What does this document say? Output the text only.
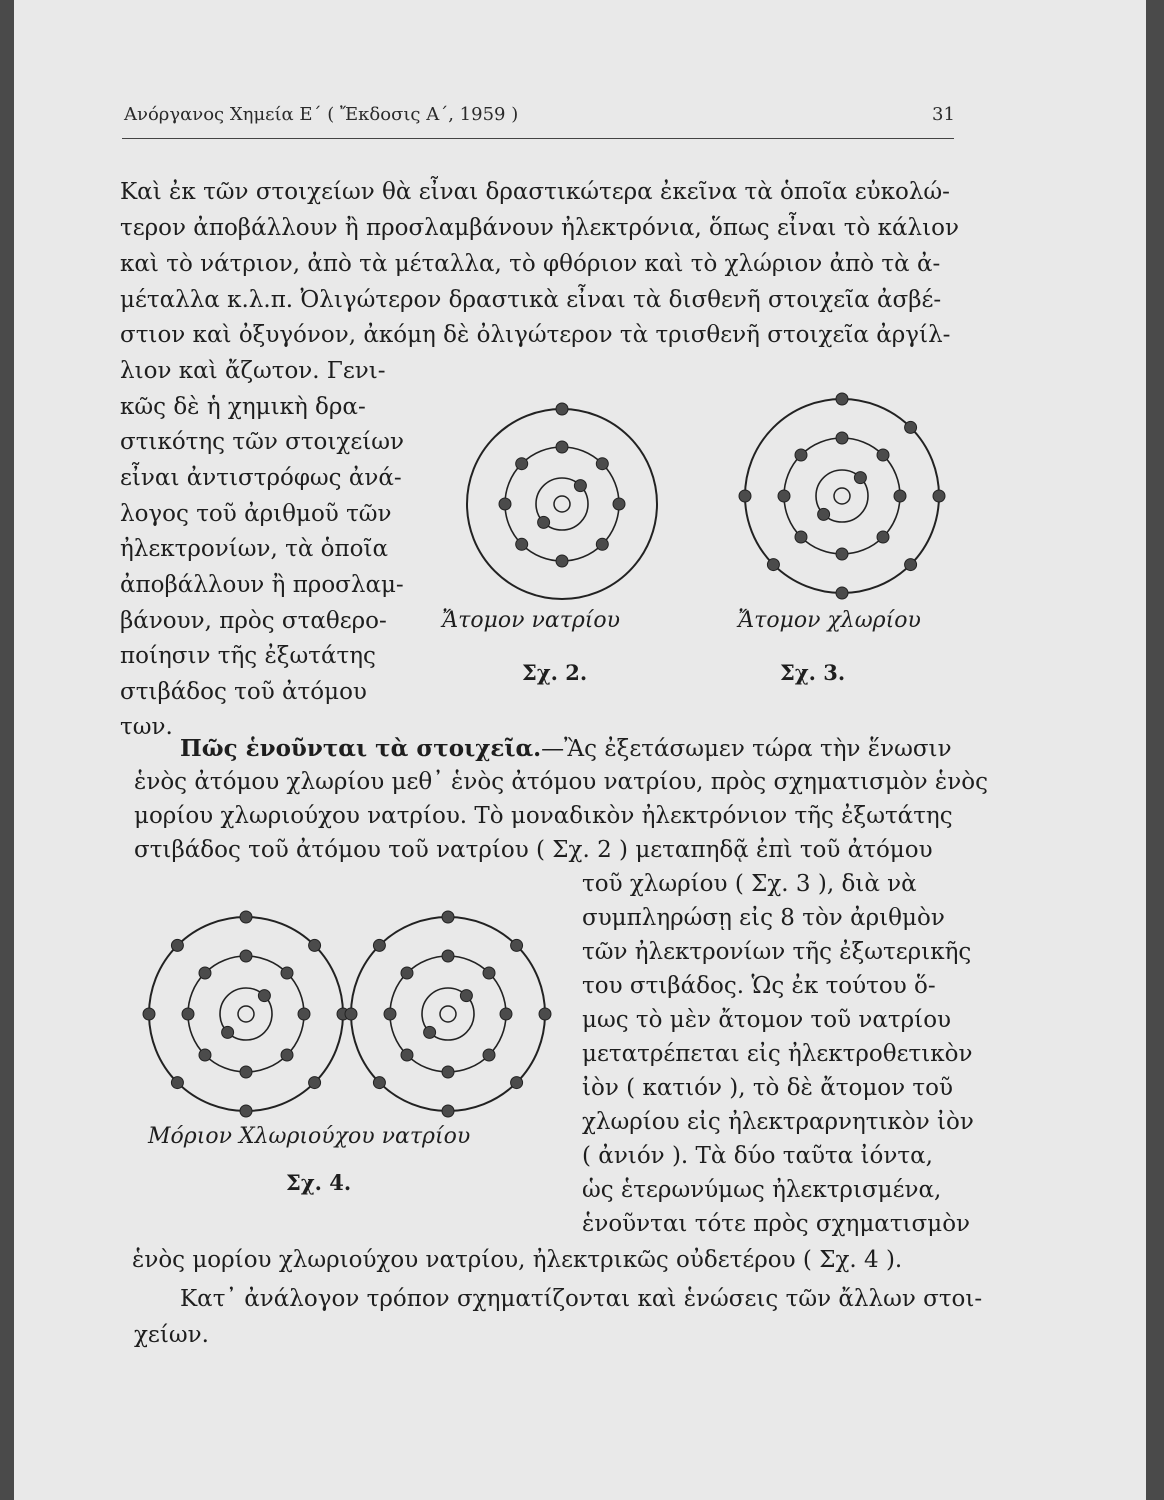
Ανόργανος Χημεία Ε΄ ( Ἔκδοσις Α΄, 1959 )	31
Καὶ ἐκ τῶν στοιχείων θὰ εἶναι δραστικώτερα ἐκεῖνα τὰ ὁποῖα εὐκολώ-
τερον ἀποβάλλουν ἢ προσλαμβάνουν ἠλεκτρόνια, ὅπως εἶναι τὸ κάλιον
καὶ τὸ νάτριον, ἀπὸ τὰ μέταλλα, τὸ φθόριον καὶ τὸ χλώριον ἀπὸ τὰ ἀ-
μέταλλα κ.λ.π. Ὀλιγώτερον δραστικὰ εἶναι τὰ δισθενῆ στοιχεῖα ἀσβέ-
στιον καὶ ὀξυγόνον, ἀκόμη δὲ ὀλιγώτερον τὰ τρισθενῆ στοιχεῖα ἀργίλ-
λιον καὶ ἄζωτον. Γενι-
κῶς δὲ ἡ χημικὴ δρα-
στικότης τῶν στοιχείων
εἶναι ἀντιστρόφως ἀνά-
λογος τοῦ ἀριθμοῦ τῶν
ἠλεκτρονίων, τὰ ὁποῖα
ἀποβάλλουν ἢ προσλαμ-
βάνουν, πρὸς σταθερο-
ποίησιν τῆς ἐξωτάτης
στιβάδος τοῦ ἀτόμου
των.
Ἄτομον νατρίου
Σχ. 2.
Ἄτομον χλωρίου
Σχ. 3.
Πῶς ἑνοῦνται τὰ στοιχεῖα.—Ἂς ἐξετάσωμεν τώρα τὴν ἕνωσιν
ἑνὸς ἀτόμου χλωρίου μεθ᾽ ἑνὸς ἀτόμου νατρίου, πρὸς σχηματισμὸν ἑνὸς
μορίου χλωριούχου νατρίου. Τὸ μοναδικὸν ἠλεκτρόνιον τῆς ἐξωτάτης
στιβάδος τοῦ ἀτόμου τοῦ νατρίου ( Σχ. 2 ) μεταπηδᾷ ἐπὶ τοῦ ἀτόμου
τοῦ χλωρίου ( Σχ. 3 ), διὰ νὰ
συμπληρώσῃ εἰς 8 τὸν ἀριθμὸν
τῶν ἠλεκτρονίων τῆς ἐξωτερικῆς
του στιβάδος. Ὡς ἐκ τούτου ὅ-
μως τὸ μὲν ἄτομον τοῦ νατρίου
μετατρέπεται εἰς ἠλεκτροθετικὸν
ἰὸν ( κατιόν ), τὸ δὲ ἄτομον τοῦ
χλωρίου εἰς ἠλεκτραρνητικὸν ἰὸν
( ἀνιόν ). Τὰ δύο ταῦτα ἰόντα,
ὡς ἑτερωνύμως ἠλεκτρισμένα,
ἑνοῦνται τότε πρὸς σχηματισμὸν
ἑνὸς μορίου χλωριούχου νατρίου, ἠλεκτρικῶς οὐδετέρου ( Σχ. 4 ).
Μόριον Χλωριούχου νατρίου
Σχ. 4.
Κατ᾽ ἀνάλογον τρόπον σχηματίζονται καὶ ἑνώσεις τῶν ἄλλων στοι-
χείων.
